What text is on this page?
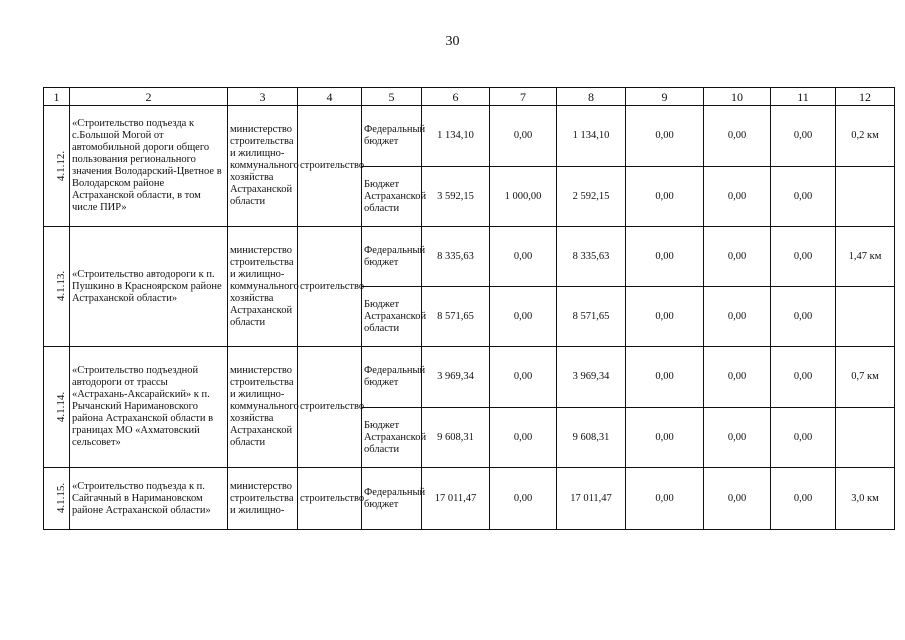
30
1	2	3	4	5	6	7	8	9	10	11	12
4.1.12.	«Строительство подъезда к с.Большой Могой от автомобильной дороги общего пользования регионального значения Володарский-Цветное в Володарском районе Астраханской области, в том числе ПИР»	министерство строительства и жилищно-коммунального хозяйства Астраханской области	строительство	Федеральный бюджет	1 134,10	0,00	1 134,10	0,00	0,00	0,00	0,2 км
				Бюджет Астраханской области	3 592,15	1 000,00	2 592,15	0,00	0,00	0,00	
4.1.13.	«Строительство автодороги к п. Пушкино в Красноярском районе Астраханской области»	министерство строительства и жилищно-коммунального хозяйства Астраханской области	строительство	Федеральный бюджет	8 335,63	0,00	8 335,63	0,00	0,00	0,00	1,47 км
				Бюджет Астраханской области	8 571,65	0,00	8 571,65	0,00	0,00	0,00	
4.1.14.	«Строительство подъездной автодороги от трассы «Астрахань-Аксарайский» к п. Рычанский Наримановского района Астраханской области в границах МО «Ахматовский сельсовет»	министерство строительства и жилищно-коммунального хозяйства Астраханской области	строительство	Федеральный бюджет	3 969,34	0,00	3 969,34	0,00	0,00	0,00	0,7 км
				Бюджет Астраханской области	9 608,31	0,00	9 608,31	0,00	0,00	0,00	
4.1.15.	«Строительство подъезда к п. Сайгачный в Наримановском районе Астраханской области»	министерство строительства и жилищно-	строительство	Федеральный бюджет	17 011,47	0,00	17 011,47	0,00	0,00	0,00	3,0 км
